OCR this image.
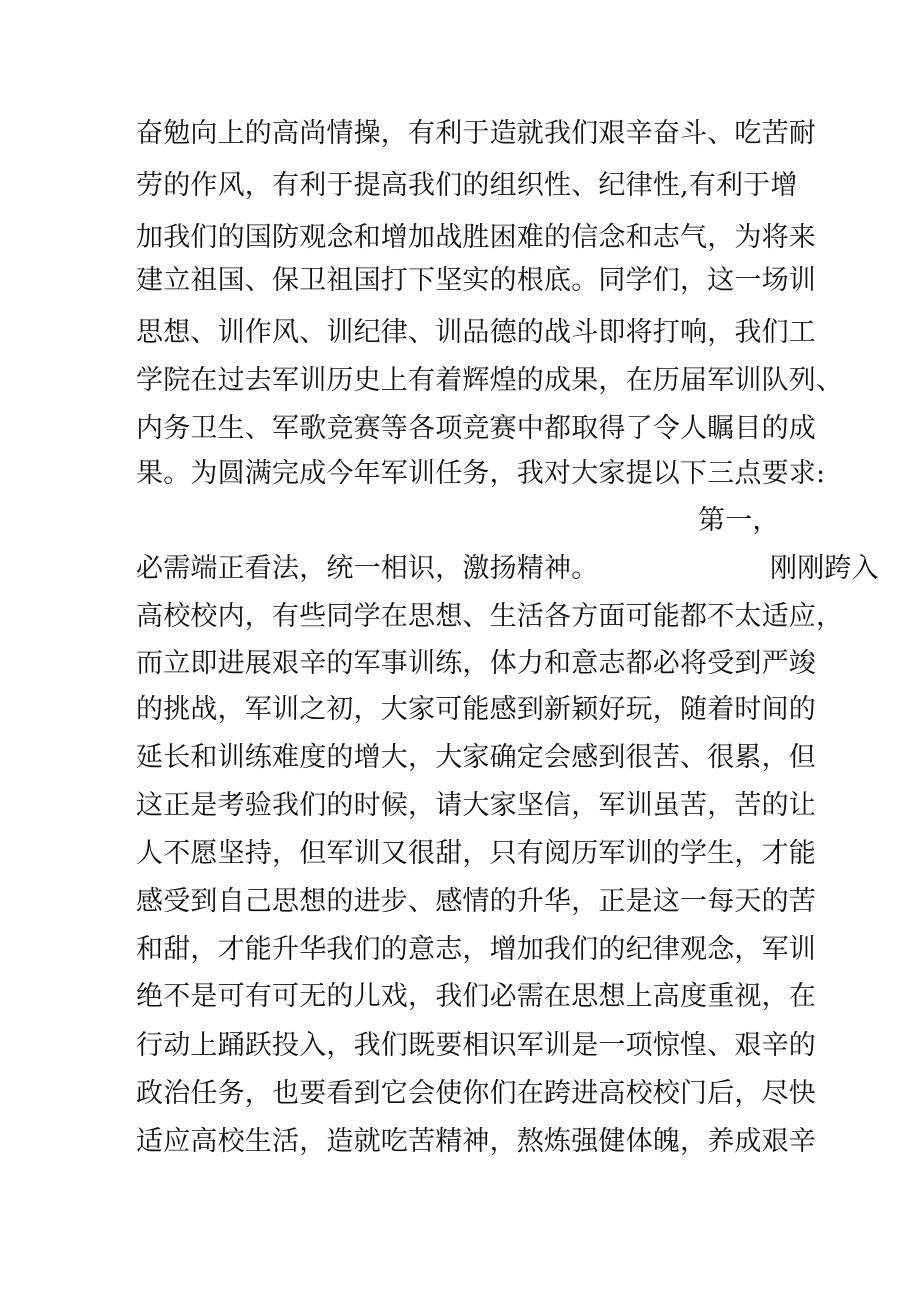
奋勉向上的高尚情操，有利于造就我们艰辛奋斗、吃苦耐
劳的作风，有利于提高我们的组织性、纪律性,有利于增
加我们的国防观念和增加战胜困难的信念和志气，为将来
建立祖国、保卫祖国打下坚实的根底。同学们，这一场训
思想、训作风、训纪律、训品德的战斗即将打响，我们工
学院在过去军训历史上有着辉煌的成果，在历届军训队列、
内务卫生、军歌竞赛等各项竞赛中都取得了令人瞩目的成
果。为圆满完成今年军训任务，我对大家提以下三点要求:
第一，
必需端正看法，统一相识，激扬精神。	刚刚跨入
高校校内，有些同学在思想、生活各方面可能都不太适应，
而立即进展艰辛的军事训练，体力和意志都必将受到严竣
的挑战，军训之初，大家可能感到新颖好玩，随着时间的
延长和训练难度的增大，大家确定会感到很苦、很累，但
这正是考验我们的时候，请大家坚信，军训虽苦，苦的让
人不愿坚持，但军训又很甜，只有阅历军训的学生，才能
感受到自己思想的进步、感情的升华，正是这一每天的苦
和甜，才能升华我们的意志，增加我们的纪律观念，军训
绝不是可有可无的儿戏，我们必需在思想上高度重视，在
行动上踊跃投入，我们既要相识军训是一项惊惶、艰辛的
政治任务，也要看到它会使你们在跨进高校校门后，尽快
适应高校生活，造就吃苦精神，熬炼强健体魄，养成艰辛
